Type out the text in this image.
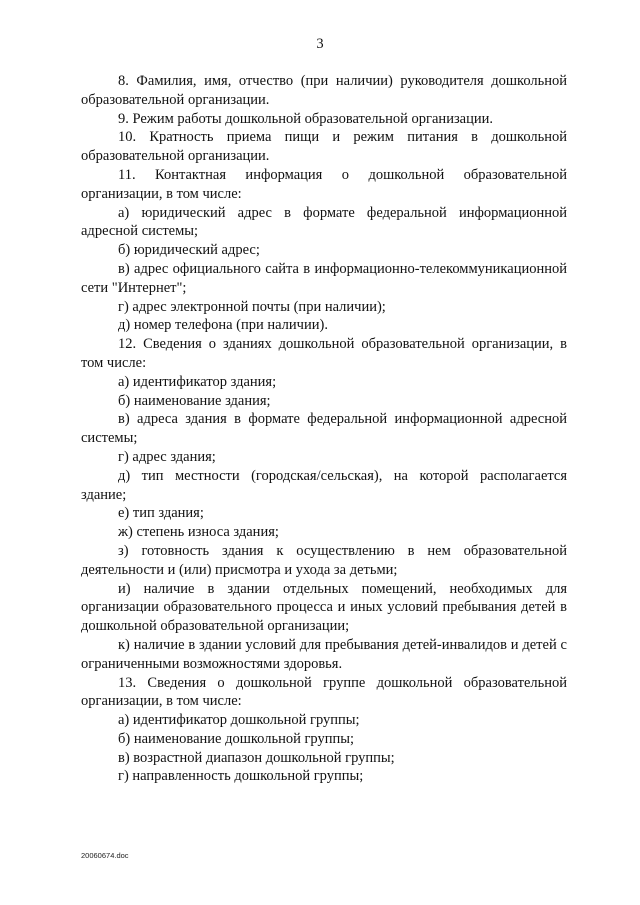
3

8. Фамилия, имя, отчество (при наличии) руководителя дошкольной образовательной организации.

9. Режим работы дошкольной образовательной организации.

10. Кратность приема пищи и режим питания в дошкольной образовательной организации.

11. Контактная информация о дошкольной образовательной организации, в том числе:

а) юридический адрес в формате федеральной информационной адресной системы;

б) юридический адрес;

в) адрес официального сайта в информационно-телекоммуникационной сети "Интернет";

г) адрес электронной почты (при наличии);

д) номер телефона (при наличии).

12. Сведения о зданиях дошкольной образовательной организации, в том числе:

а) идентификатор здания;

б) наименование здания;

в) адреса здания в формате федеральной информационной адресной системы;

г) адрес здания;

д) тип местности (городская/сельская), на которой располагается здание;

е) тип здания;

ж) степень износа здания;

з) готовность здания к осуществлению в нем образовательной деятельности и (или) присмотра и ухода за детьми;

и) наличие в здании отдельных помещений, необходимых для организации образовательного процесса и иных условий пребывания детей в дошкольной образовательной организации;

к) наличие в здании условий для пребывания детей-инвалидов и детей с ограниченными возможностями здоровья.

13. Сведения о дошкольной группе дошкольной образовательной организации, в том числе:

а) идентификатор дошкольной группы;

б) наименование дошкольной группы;

в) возрастной диапазон дошкольной группы;

г) направленность дошкольной группы;

20060674.doc
